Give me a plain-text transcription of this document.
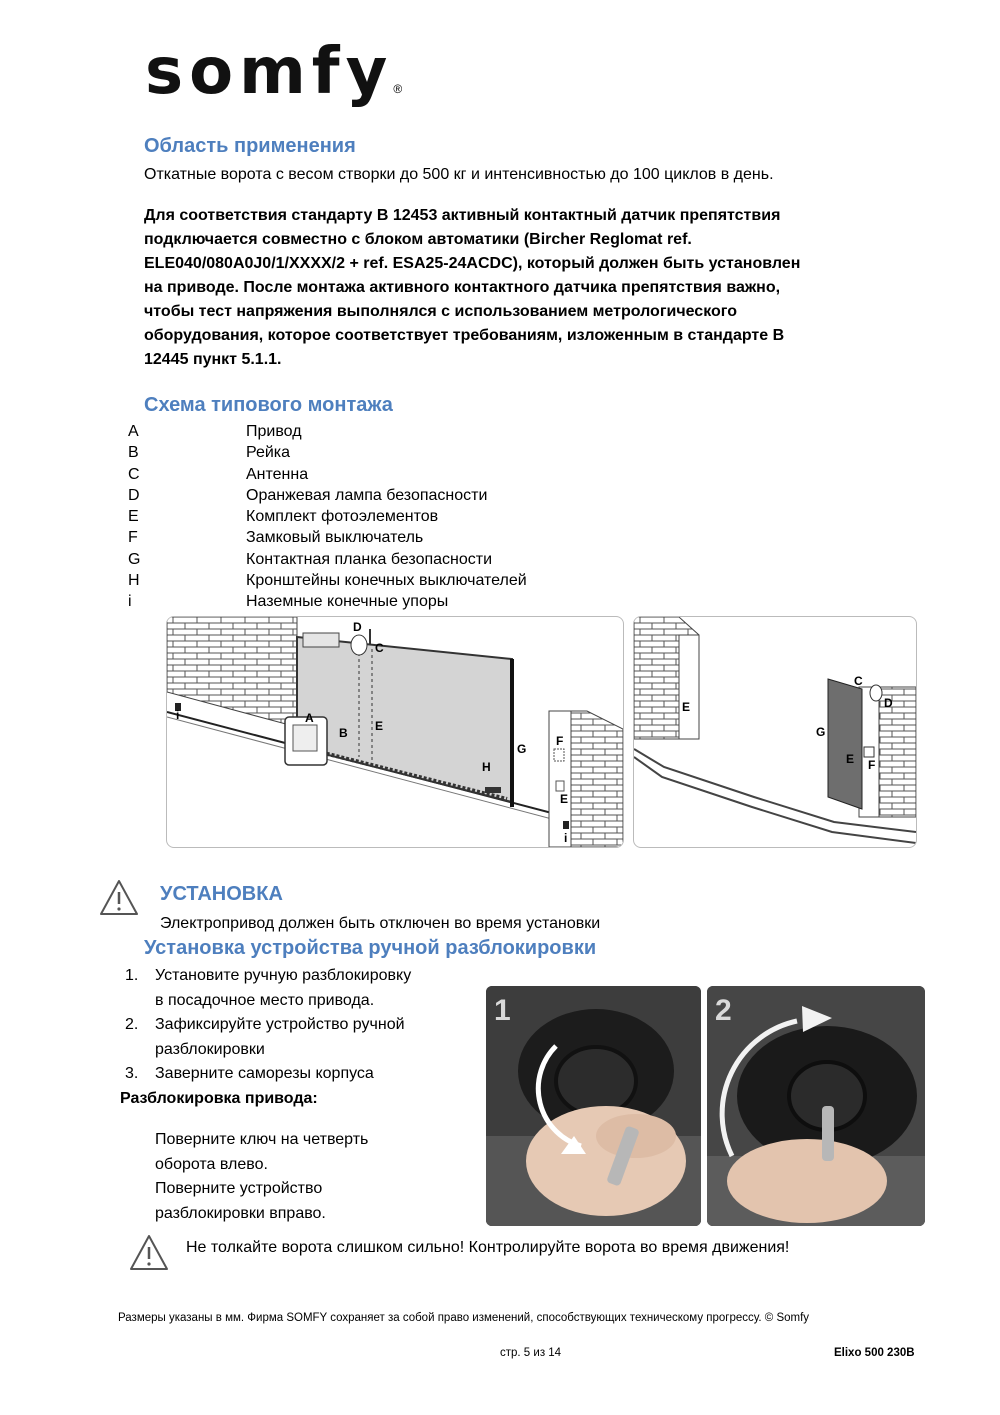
somfy®
Область применения
Откатные ворота с весом створки до 500 кг и интенсивностью до 100 циклов в день.
Для соответствия стандарту В 12453 активный контактный датчик препятствия
подключается совместно с блоком автоматики (Bircher Reglomat ref.
ELE040/080A0J0/1/XXXX/2 + ref. ESA25-24ACDC), который должен быть установлен
на приводе. После монтажа активного контактного датчика препятствия важно,
чтобы тест напряжения выполнялся с использованием метрологического
оборудования, которое соответствует требованиям, изложенным в стандарте В
12445 пункт 5.1.1.
Схема типового монтажа
A	Привод
B	Рейка
C	Антенна
D	Оранжевая лампа безопасности
E	Комплект фотоэлементов
F	Замковый выключатель
G	Контактная планка безопасности
H	Кронштейны конечных выключателей
i	Наземные конечные упоры
D
C
A
B E
G
H
F
E
i
i
C
D
E
G
E F
УСТАНОВКА
Электропривод должен быть отключен во время установки
Установка устройства ручной разблокировки
1. Установите ручную разблокировку
в посадочное место привода.
2. Зафиксируйте устройство ручной
разблокировки
3. Заверните саморезы корпуса
Разблокировка привода:
Поверните ключ на четверть
оборота влево.
Поверните устройство
разблокировки вправо.
1	2
Не толкайте ворота слишком сильно! Контролируйте ворота во время движения!
Размеры указаны в мм. Фирма SOMFY сохраняет за собой право изменений, способствующих техническому прогрессу. © Somfy
стр. 5 из 14	Elixo 500 230B
